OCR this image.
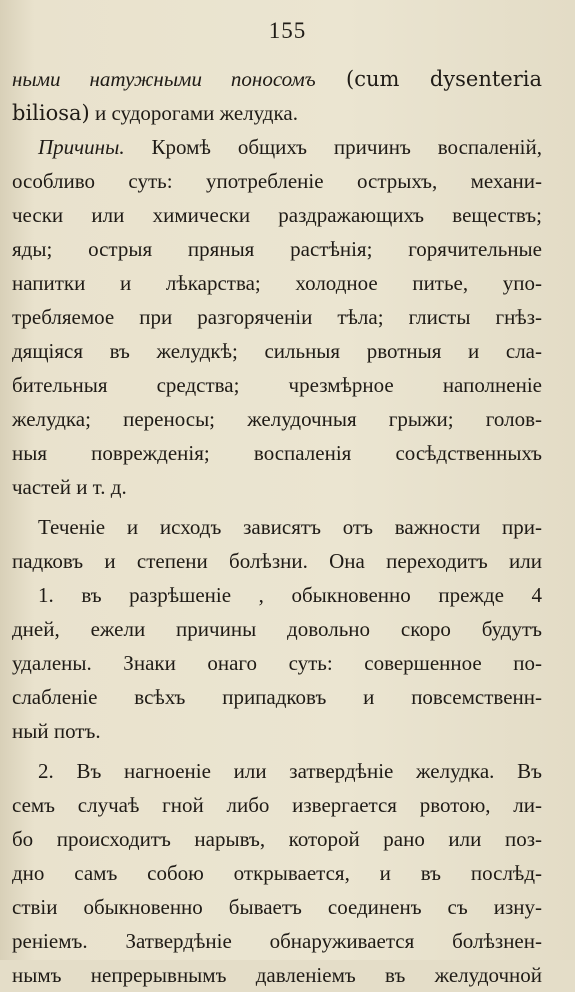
155
ными натужными поносомъ (cum dysenteria
biliosa) и судорогами желудка.
Причины. Кромѣ общихъ причинъ воспаленій,
особливо суть: употребленіе острыхъ, механи-
чески или химически раздражающихъ веществъ;
яды; острыя пряныя растѣнія; горячительные
напитки и лѣкарства; холодное питье, упо-
требляемое при разгоряченіи тѣла; глисты гнѣз-
дящіяся въ желудкѣ; сильныя рвотныя и сла-
бительныя средства; чрезмѣрное наполненіе
желудка; переносы; желудочныя грыжи; голов-
ныя поврежденія; воспаленія сосѣдственныхъ
частей и т. д.
Теченіе и исходъ зависятъ отъ важности при-
падковъ и степени болѣзни. Она переходитъ или
1. въ разрѣшеніе , обыкновенно прежде 4
дней, ежели причины довольно скоро будутъ
удалены. Знаки онаго суть: совершенное по-
слабленіе всѣхъ припадковъ и повсемственн-
ный потъ.
2. Въ нагноеніе или затвердѣніе желудка. Въ
семъ случаѣ гной либо извергается рвотою, ли-
бо происходитъ нарывъ, которой рано или поз-
дно самъ собою открывается, и въ послѣд-
ствіи обыкновенно бываетъ соединенъ съ изну-
реніемъ. Затвердѣніе обнаруживается болѣзнен-
нымъ непрерывнымъ давленіемъ въ желудочной
